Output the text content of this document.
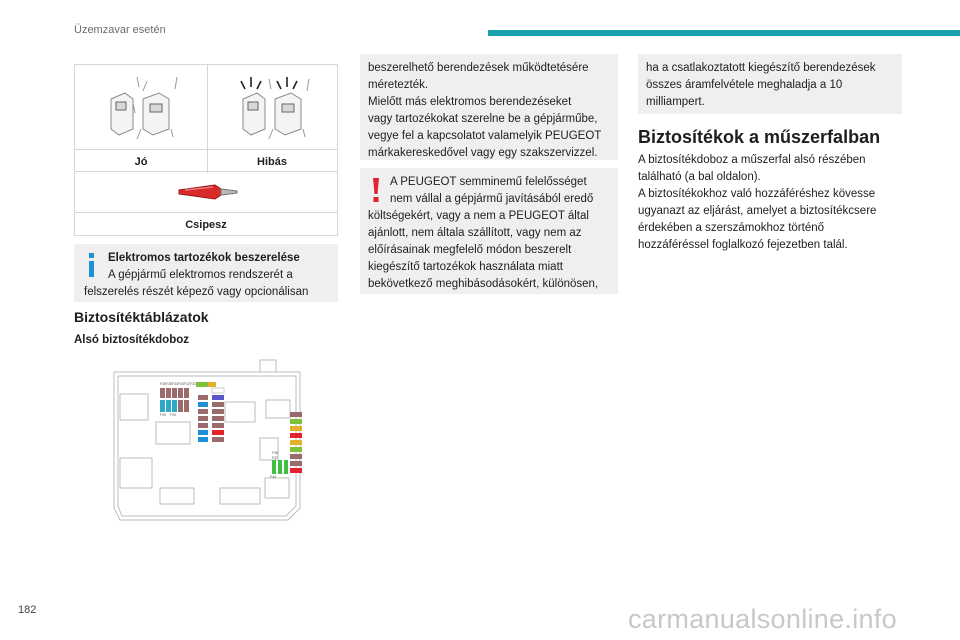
Üzemzavar esetén
Jó	Hibás
Csipesz
Elektromos tartozékok beszerelése
A gépjármű elektromos rendszerét a
felszerelés részét képező vagy opcionálisan
Biztosítéktáblázatok
Alsó biztosítékdoboz
F36 F35 F34 F33 F32 F31
F40 F39
F38
F37
F44
beszerelhető berendezések működtetésére
méretezték.
Mielőtt más elektromos berendezéseket
vagy tartozékokat szerelne be a gépjárműbe,
vegye fel a kapcsolatot valamelyik PEUGEOT
márkakereskedővel vagy egy szakszervizzel.
A PEUGEOT semminemű felelősséget
nem vállal a gépjármű javításából eredő
költségekért, vagy a nem a PEUGEOT által
ajánlott, nem általa szállított, vagy nem az
előírásainak megfelelő módon beszerelt
kiegészítő tartozékok használata miatt
bekövetkező meghibásodásokért, különösen,
ha a csatlakoztatott kiegészítő berendezések
összes áramfelvétele meghaladja a 10
milliampert.
Biztosítékok a műszerfalban
A biztosítékdoboz a műszerfal alsó részében
található (a bal oldalon).
A biztosítékokhoz való hozzáféréshez kövesse
ugyanazt az eljárást, amelyet a biztosítékcsere
érdekében a szerszámokhoz történő
hozzáféréssel foglalkozó fejezetben talál.
182	carmanualsonline.info
